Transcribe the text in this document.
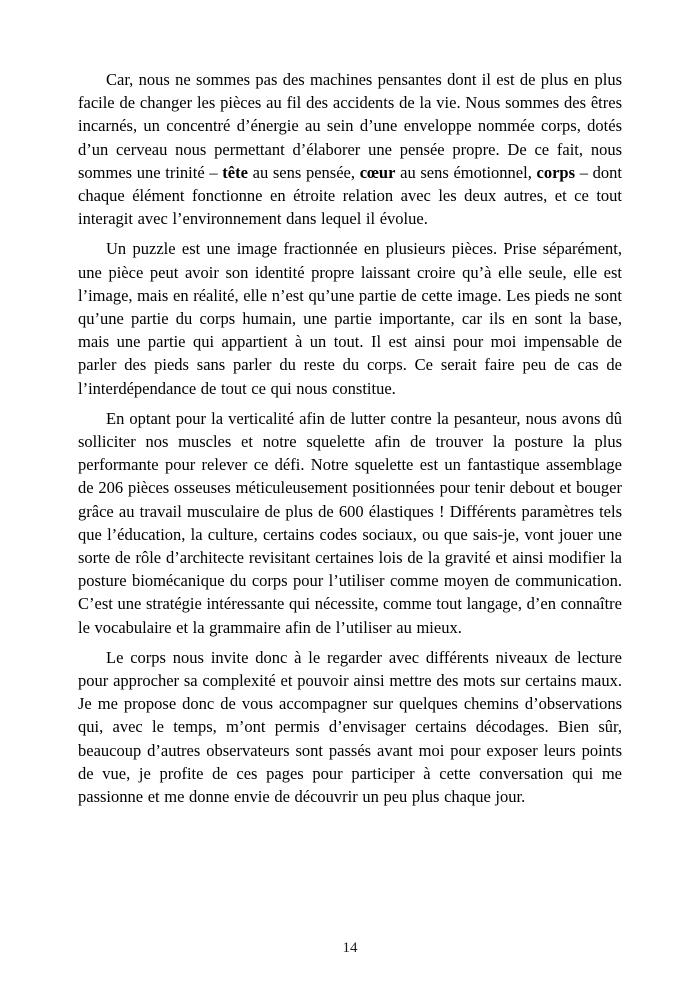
Car, nous ne sommes pas des machines pensantes dont il est de plus en plus facile de changer les pièces au fil des accidents de la vie. Nous sommes des êtres incarnés, un concentré d’énergie au sein d’une enveloppe nommée corps, dotés d’un cerveau nous permettant d’élaborer une pensée propre. De ce fait, nous sommes une trinité – tête au sens pensée, cœur au sens émotionnel, corps – dont chaque élément fonctionne en étroite relation avec les deux autres, et ce tout interagit avec l’environnement dans lequel il évolue.

Un puzzle est une image fractionnée en plusieurs pièces. Prise séparément, une pièce peut avoir son identité propre laissant croire qu’à elle seule, elle est l’image, mais en réalité, elle n’est qu’une partie de cette image. Les pieds ne sont qu’une partie du corps humain, une partie importante, car ils en sont la base, mais une partie qui appartient à un tout. Il est ainsi pour moi impensable de parler des pieds sans parler du reste du corps. Ce serait faire peu de cas de l’interdépendance de tout ce qui nous constitue.

En optant pour la verticalité afin de lutter contre la pesanteur, nous avons dû solliciter nos muscles et notre squelette afin de trouver la posture la plus performante pour relever ce défi. Notre squelette est un fantastique assemblage de 206 pièces osseuses méticuleusement positionnées pour tenir debout et bouger grâce au travail musculaire de plus de 600 élastiques ! Différents paramètres tels que l’éducation, la culture, certains codes sociaux, ou que sais-je, vont jouer une sorte de rôle d’architecte revisitant certaines lois de la gravité et ainsi modifier la posture biomécanique du corps pour l’utiliser comme moyen de communication. C’est une stratégie intéressante qui nécessite, comme tout langage, d’en connaître le vocabulaire et la grammaire afin de l’utiliser au mieux.

Le corps nous invite donc à le regarder avec différents niveaux de lecture pour approcher sa complexité et pouvoir ainsi mettre des mots sur certains maux. Je me propose donc de vous accompagner sur quelques chemins d’observations qui, avec le temps, m’ont permis d’envisager certains décodages. Bien sûr, beaucoup d’autres observateurs sont passés avant moi pour exposer leurs points de vue, je profite de ces pages pour participer à cette conversation qui me passionne et me donne envie de découvrir un peu plus chaque jour.

14
